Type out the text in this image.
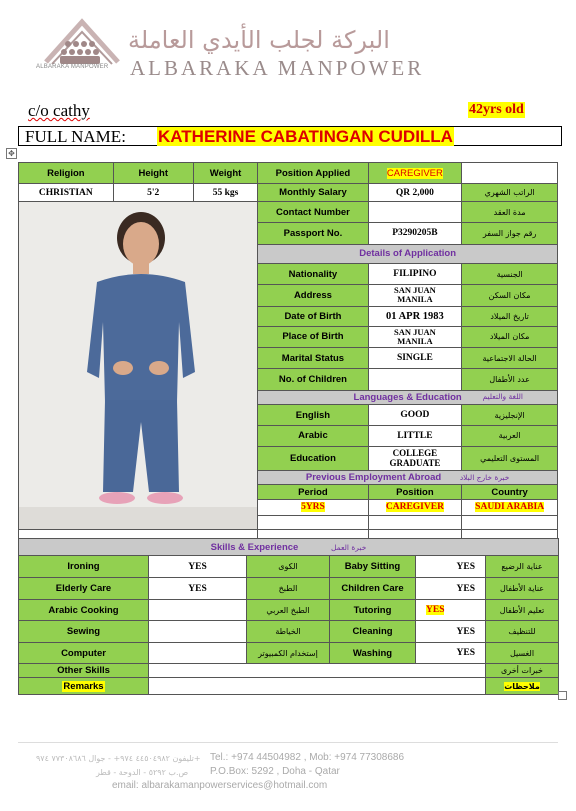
ALBARAKA MANPOWER
البركة لجلب الأيدي العاملة
ALBARAKA MANPOWER
c/o cathy	42yrs old
FULL NAME: KATHERINE CABATINGAN CUDILLA
✥
Religion	Height	Weight	Position Applied	CAREGIVER	
CHRISTIAN	5'2	55 kgs	Monthly Salary	QR 2,000	الراتب الشهري

	Contact Number		مدة العقد
			Passport No.	P3290205B	رقم جواز السفر
			Details of Application		
			Nationality	FILIPINO	الجنسية
			Address	SAN JUAN MANILA	مكان السكن
			Date of Birth	01 APR 1983	تاريخ الميلاد
			Place of Birth	SAN JUAN MANILA	مكان الميلاد
			Marital Status	SINGLE	الحالة الاجتماعية
			No. of Children		عدد الأطفال
			Languages & Education اللغة والتعليم		

			English	GOOD	الإنجليزية
			Arabic	LITTLE	العربية
			Education	COLLEGE GRADUATE	المستوى التعليمي
			Previous Employment Abroad خبرة خارج البلاد		
			Period	Position	Country
			5YRS	CAREGIVER	SAUDI ARABIA

Skills & Experience خبرة العمل					
Ironing	YES	الكوى	Baby Sitting	YES	عناية الرضيع
Elderly Care	YES	الطبخ	Children Care	YES	عناية الأطفال
Arabic Cooking		الطبخ العربي	Tutoring	YES	تعليم الأطفال
Sewing		الخياطة	Cleaning	YES	للتنظيف
Computer		إستخدام الكمبيوتر	Washing	YES	الغسيل
Other Skills					خبرات أخرى
Remarks					ملاحظات
تليفون ٤٤٥٠٤٩٨٢ ٩٧٤+ - جوال ٧٧٣٠٨٦٨٦ ٩٧٤+ Tel.: +974 44504982 , Mob: +974 77308686
ص.ب ٥٢٩٢ - الدوحة - قطر P.O.Box: 5292 , Doha - Qatar
email: albarakamanpowerservices@hotmail.com
